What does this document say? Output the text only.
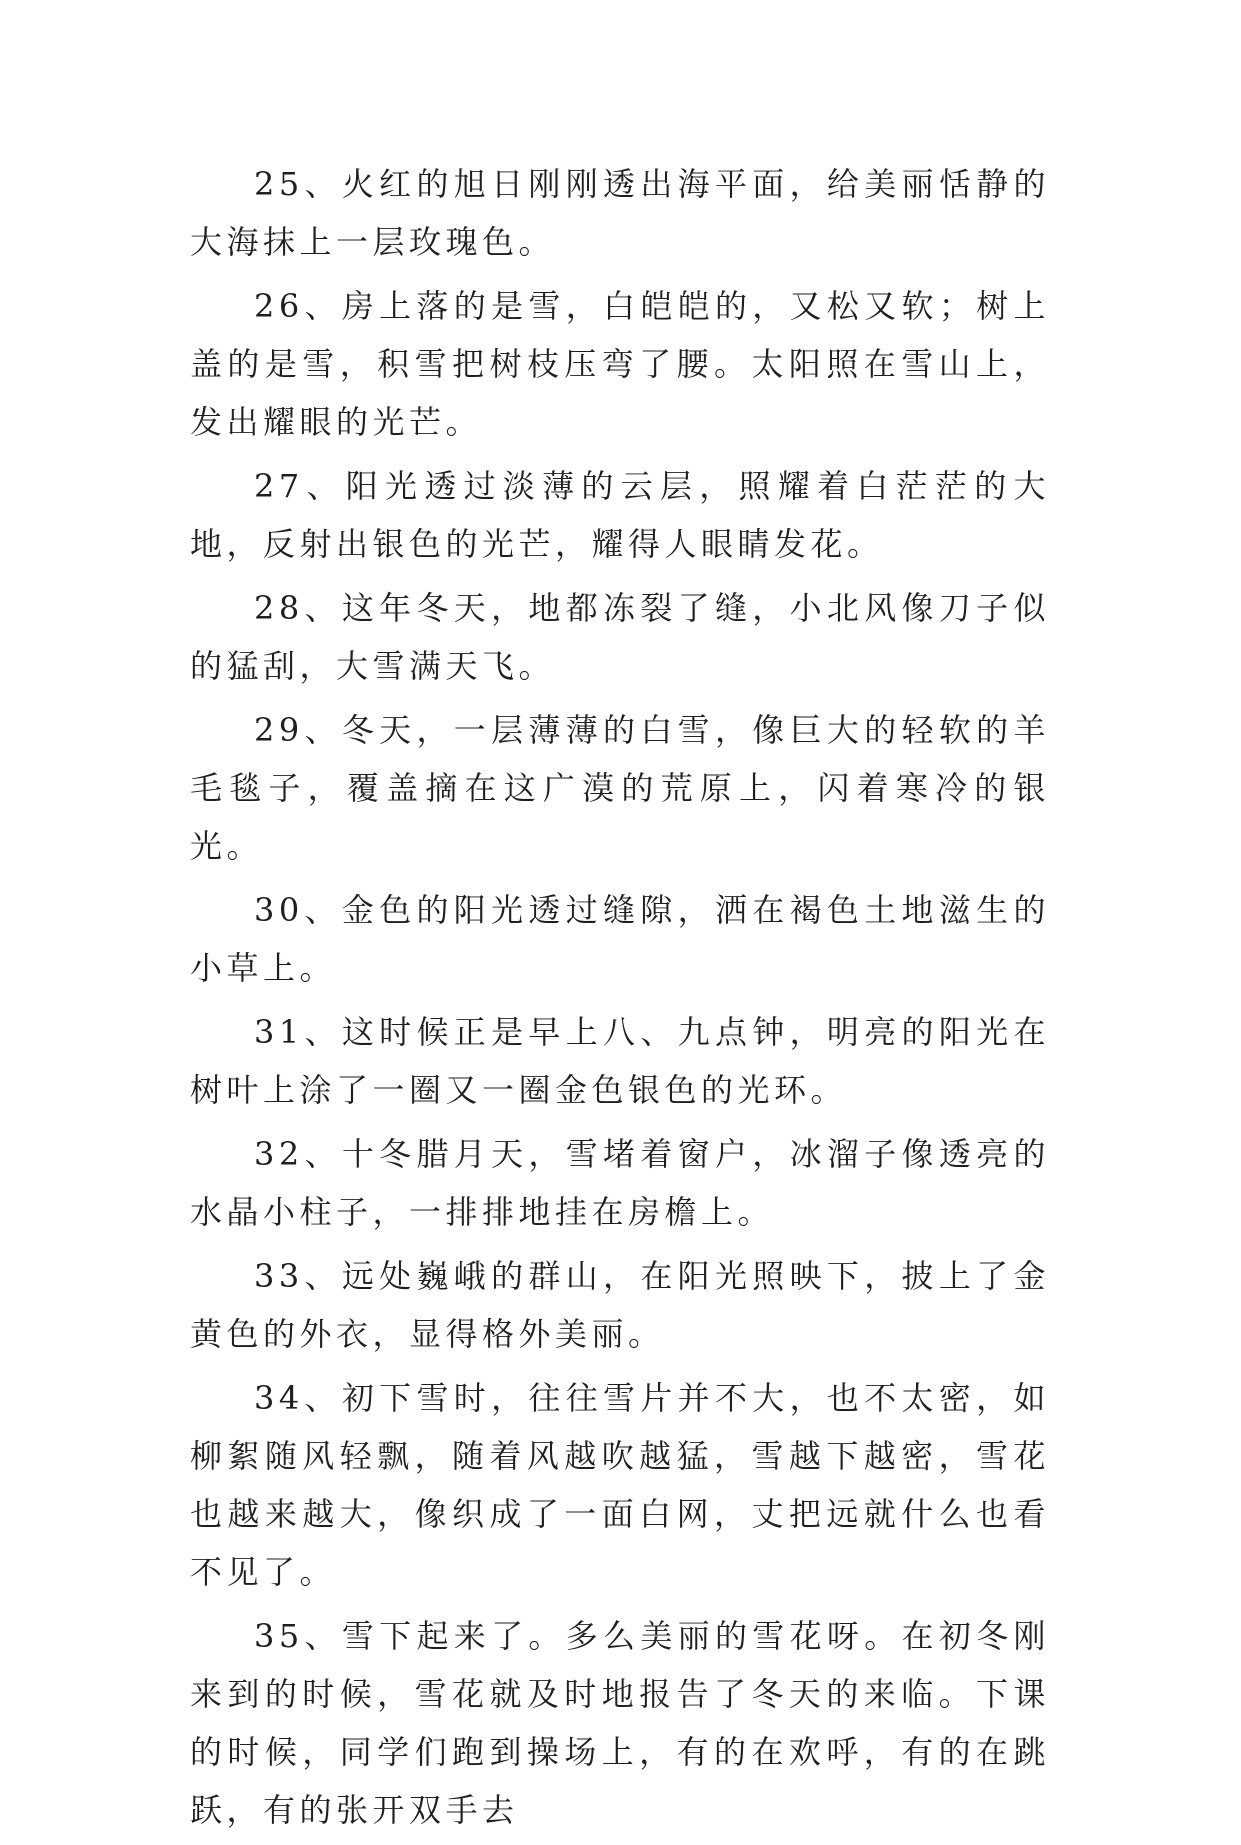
25、火红的旭日刚刚透出海平面，给美丽恬静的大海抹上一层玫瑰色。

26、房上落的是雪，白皑皑的，又松又软；树上盖的是雪，积雪把树枝压弯了腰。太阳照在雪山上，发出耀眼的光芒。

27、阳光透过淡薄的云层，照耀着白茫茫的大地，反射出银色的光芒，耀得人眼睛发花。

28、这年冬天，地都冻裂了缝，小北风像刀子似的猛刮，大雪满天飞。

29、冬天，一层薄薄的白雪，像巨大的轻软的羊毛毯子，覆盖摘在这广漠的荒原上，闪着寒冷的银光。

30、金色的阳光透过缝隙，洒在褐色土地滋生的小草上。

31、这时候正是早上八、九点钟，明亮的阳光在树叶上涂了一圈又一圈金色银色的光环。

32、十冬腊月天，雪堵着窗户，冰溜子像透亮的水晶小柱子，一排排地挂在房檐上。

33、远处巍峨的群山，在阳光照映下，披上了金黄色的外衣，显得格外美丽。

34、初下雪时，往往雪片并不大，也不太密，如柳絮随风轻飘，随着风越吹越猛，雪越下越密，雪花也越来越大，像织成了一面白网，丈把远就什么也看不见了。

35、雪下起来了。多么美丽的雪花呀。在初冬刚来到的时候，雪花就及时地报告了冬天的来临。下课的时候，同学们跑到操场上，有的在欢呼，有的在跳跃，有的张开双手去
